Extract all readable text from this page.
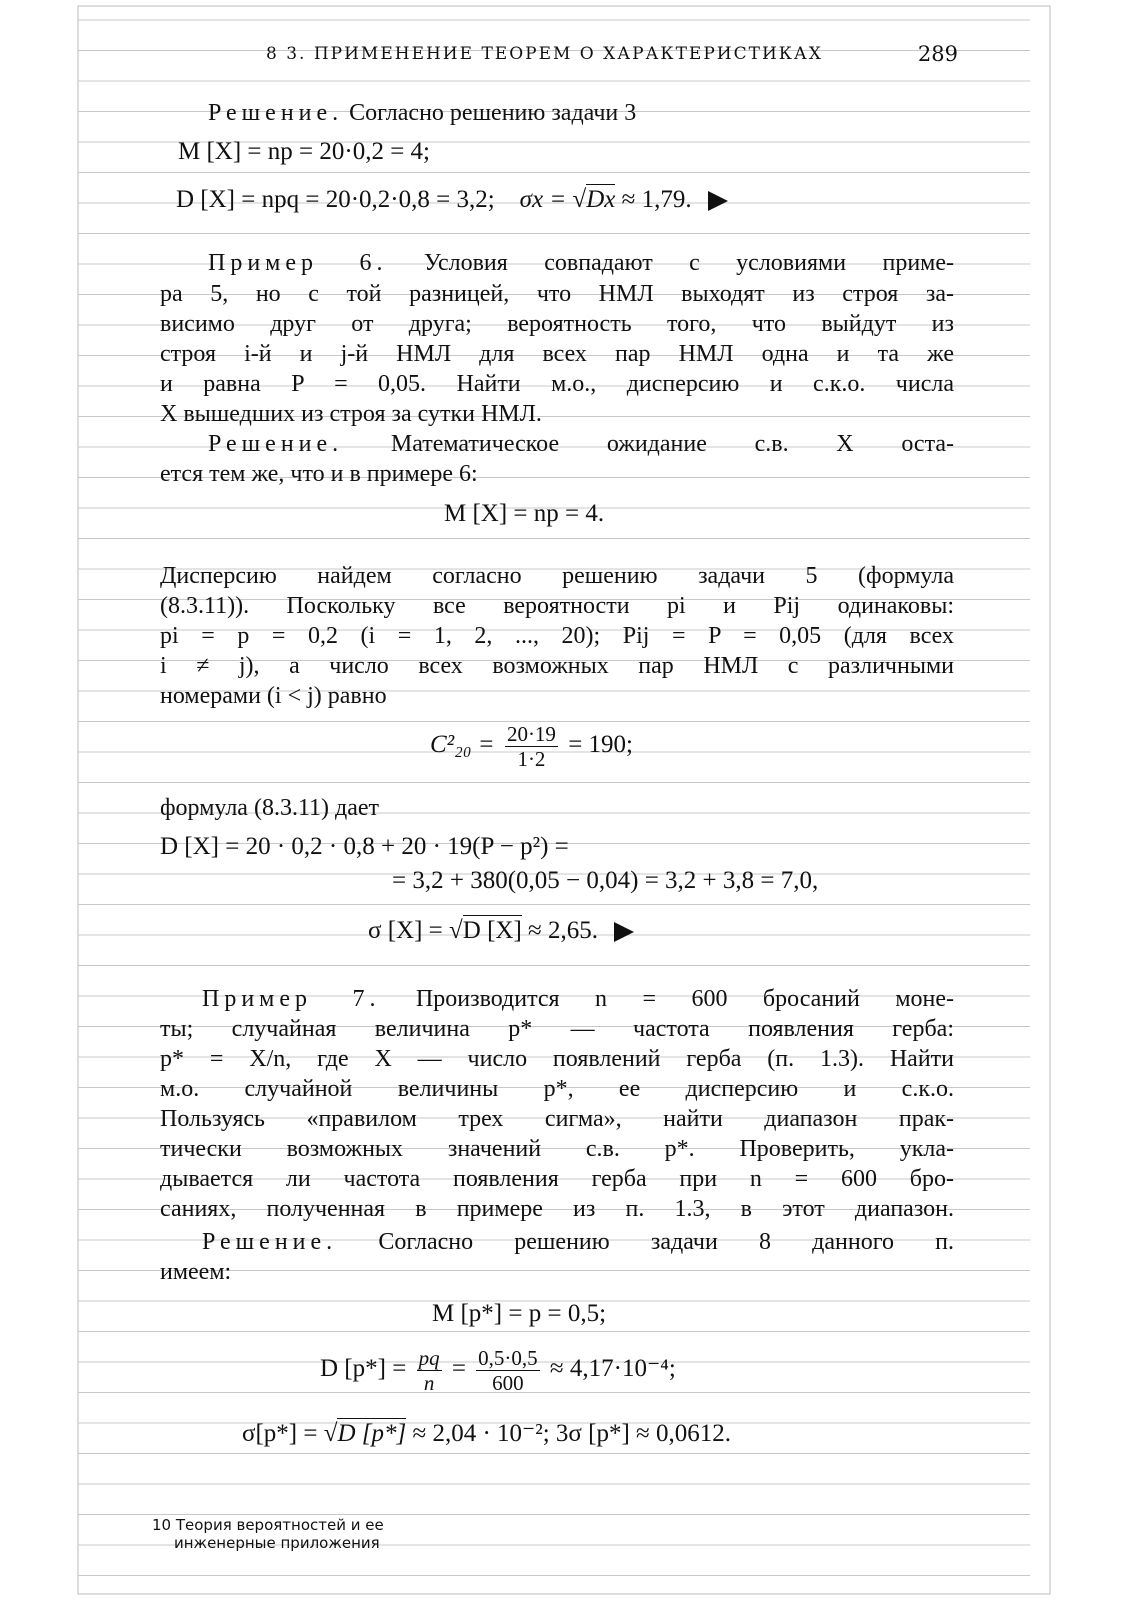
8 3. ПРИМЕНЕНИЕ ТЕОРЕМ О ХАРАКТЕРИСТИКАХ	289
Решение. Согласно решению задачи 3
M [X] = np = 20·0,2 = 4;
D [X] = npq = 20·0,2·0,8 = 3,2; σx = √Dx ≈ 1,79.
Пример 6. Условия совпадают с условиями приме-
ра 5, но с той разницей, что НМЛ выходят из строя за-
висимо друг от друга; вероятность того, что выйдут из
строя i-й и j-й НМЛ для всех пар НМЛ одна и та же
и равна P = 0,05. Найти м.о., дисперсию и с.к.о. числа
X вышедших из строя за сутки НМЛ.
Решение. Математическое ожидание с.в. X оста-
ется тем же, что и в примере 6:
M [X] = np = 4.
Дисперсию найдем согласно решению задачи 5 (формула
(8.3.11)). Поскольку все вероятности pi и Pij одинаковы:
pi = p = 0,2 (i = 1, 2, ..., 20); Pij = P = 0,05 (для всех
i ≠ j), а число всех возможных пар НМЛ с различными
номерами (i < j) равно
$C^2_{20} = \frac{20\cdot 19}{1\cdot 2} = 190$;
формула (8.3.11) дает
D [X] = 20 · 0,2 · 0,8 + 20 · 19(P − p²) =
= 3,2 + 380(0,05 − 0,04) = 3,2 + 3,8 = 7,0,
σ [X] = √D [X] ≈ 2,65.
Пример 7. Производится n = 600 бросаний моне-
ты; случайная величина p* — частота появления герба:
p* = X/n, где X — число появлений герба (п. 1.3). Найти
м.о. случайной величины p*, ее дисперсию и с.к.о.
Пользуясь «правилом трех сигма», найти диапазон прак-
тически возможных значений с.в. p*. Проверить, укла-
дывается ли частота появления герба при n = 600 бро-
саниях, полученная в примере из п. 1.3, в этот диапазон.
Решение. Согласно решению задачи 8 данного п.
имеем:
M [p*] = p = 0,5;
D $[p*] = \frac{pq}{n} = \frac{0,5\cdot 0,5}{600} \approx 4,17\cdot 10^{-4}$;
σ[p*] = √D [p*] ≈ 2,04 · 10⁻²; 3σ [p*] ≈ 0,0612.
10 Теория вероятностей и ее
инженерные приложения
